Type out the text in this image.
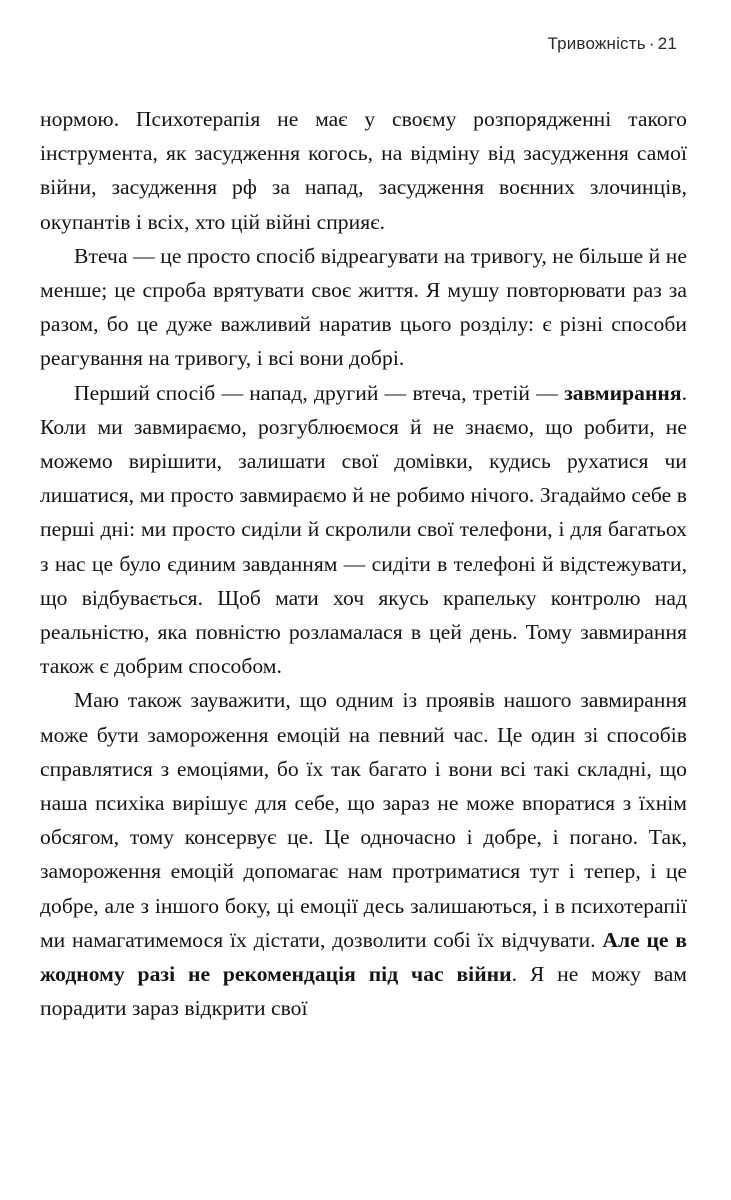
Тривожність · 21

нормою. Психотерапія не має у своєму розпорядженні такого інструмента, як засудження когось, на відміну від засудження самої війни, засудження рф за напад, засудження воєнних злочинців, окупантів і всіх, хто цій війні сприяє.

Втеча — це просто спосіб відреагувати на тривогу, не більше й не менше; це спроба врятувати своє життя. Я мушу повторювати раз за разом, бо це дуже важливий наратив цього розділу: є різні способи реагування на тривогу, і всі вони добрі.

Перший спосіб — напад, другий — втеча, третій — завмирання. Коли ми завмираємо, розгублюємося й не знаємо, що робити, не можемо вирішити, залишати свої домівки, кудись рухатися чи лишатися, ми просто завмираємо й не робимо нічого. Згадаймо себе в перші дні: ми просто сиділи й скролили свої телефони, і для багатьох з нас це було єдиним завданням — сидіти в телефоні й відстежувати, що відбувається. Щоб мати хоч якусь крапельку контролю над реальністю, яка повністю розламалася в цей день. Тому завмирання також є добрим способом.

Маю також зауважити, що одним із проявів нашого завмирання може бути замороження емоцій на певний час. Це один зі способів справлятися з емоціями, бо їх так багато і вони всі такі складні, що наша психіка вирішує для себе, що зараз не може впоратися з їхнім обсягом, тому консервує це. Це одночасно і добре, і погано. Так, замороження емоцій допомагає нам протриматися тут і тепер, і це добре, але з іншого боку, ці емоції десь залишаються, і в психотерапії ми намагатимемося їх дістати, дозволити собі їх відчувати. Але це в жодному разі не рекомендація під час війни. Я не можу вам порадити зараз відкрити свої
